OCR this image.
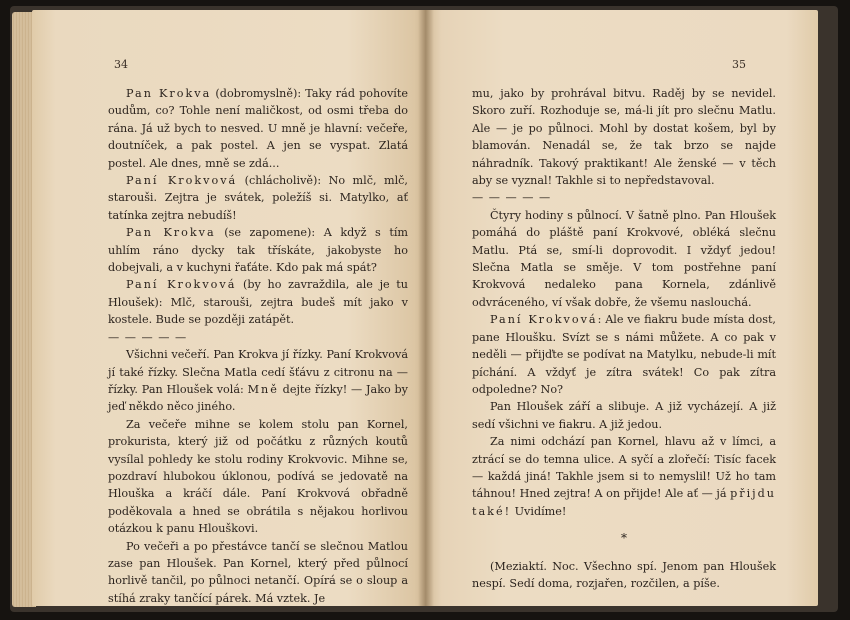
34

Pan Krokva (dobromyslně): Taky rád pohovíte oudům, co? Tohle není maličkost, od osmi třeba do rána. Já už bych to nesved. U mně je hlavní: večeře, doutníček, a pak postel. A jen se vyspat. Zlatá postel. Ale dnes, mně se zdá...

Paní Krokvová (chlácholivě): No mlč, mlč, starouši. Zejtra je svátek, poležíš si. Matylko, ať tatínka zejtra nebudíš!

Pan Krokva (se zapomene): A když s tím uhlím ráno dycky tak třískáte, jakobyste ho dobejvali, a v kuchyni řaťáte. Kdo pak má spát?

Paní Krokvová (by ho zavraždila, ale je tu Hloušek): Mlč, starouši, zejtra budeš mít jako v kostele. Bude se později zatápět.

— — — — —

Všichni večeří. Pan Krokva jí řízky. Paní Krokvová jí také řízky. Slečna Matla cedí šťávu z citronu na — řízky. Pan Hloušek volá: Mně dejte řízky! — Jako by jeď někdo něco jiného.

Za večeře mihne se kolem stolu pan Kornel, prokurista, který již od počátku z různých koutů vysílal pohledy ke stolu rodiny Krokvovic. Mihne se, pozdraví hlubokou úklonou, podívá se jedovatě na Hlouška a kráčí dále. Paní Krokvová obřadně poděkovala a hned se obrátila s nějakou horlivou otázkou k panu Hlouškovi.

Po večeři a po přestávce tančí se slečnou Matlou zase pan Hloušek. Pan Kornel, který před půlnocí horlivě tančil, po půlnoci netančí. Opírá se o sloup a stíhá zraky tančící párek. Má vztek. Je

35

mu, jako by prohrával bitvu. Raděj by se nevidel. Skoro zuří. Rozhoduje se, má-li jít pro slečnu Matlu. Ale — je po půlnoci. Mohl by dostat košem, byl by blamován. Nenadál se, že tak brzo se najde náhradník. Takový praktikant! Ale ženské — v těch aby se vyznal! Takhle si to nepředstavoval.

— — — — —

Čtyry hodiny s půlnocí. V šatně plno. Pan Hloušek pomáhá do pláště paní Krokvové, obléká slečnu Matlu. Ptá se, smí-li doprovodit. I vždyť jedou! Slečna Matla se směje. V tom postřehne paní Krokvová nedaleko pana Kornela, zdánlivě odvráceného, ví však dobře, že všemu naslouchá.

Paní Krokvová: Ale ve fiakru bude místa dost, pane Hloušku. Svízt se s námi můžete. A co pak v neděli — přijďte se podívat na Matylku, nebude-li mít píchání. A vždyť je zítra svátek! Co pak zítra odpoledne? No?

Pan Hloušek září a slibuje. A již vycházejí. A již sedí všichni ve fiakru. A již jedou.

Za nimi odchází pan Kornel, hlavu až v límci, a ztrácí se do temna ulice. A syčí a zlořečí: Tisíc facek — každá jiná! Takhle jsem si to nemyslil! Už ho tam táhnou! Hned zejtra! A on přijde! Ale ať — já přijdu také! Uvidíme!

*

(Meziaktí. Noc. Všechno spí. Jenom pan Hloušek nespí. Sedí doma, rozjařen, rozčilen, a píše.
